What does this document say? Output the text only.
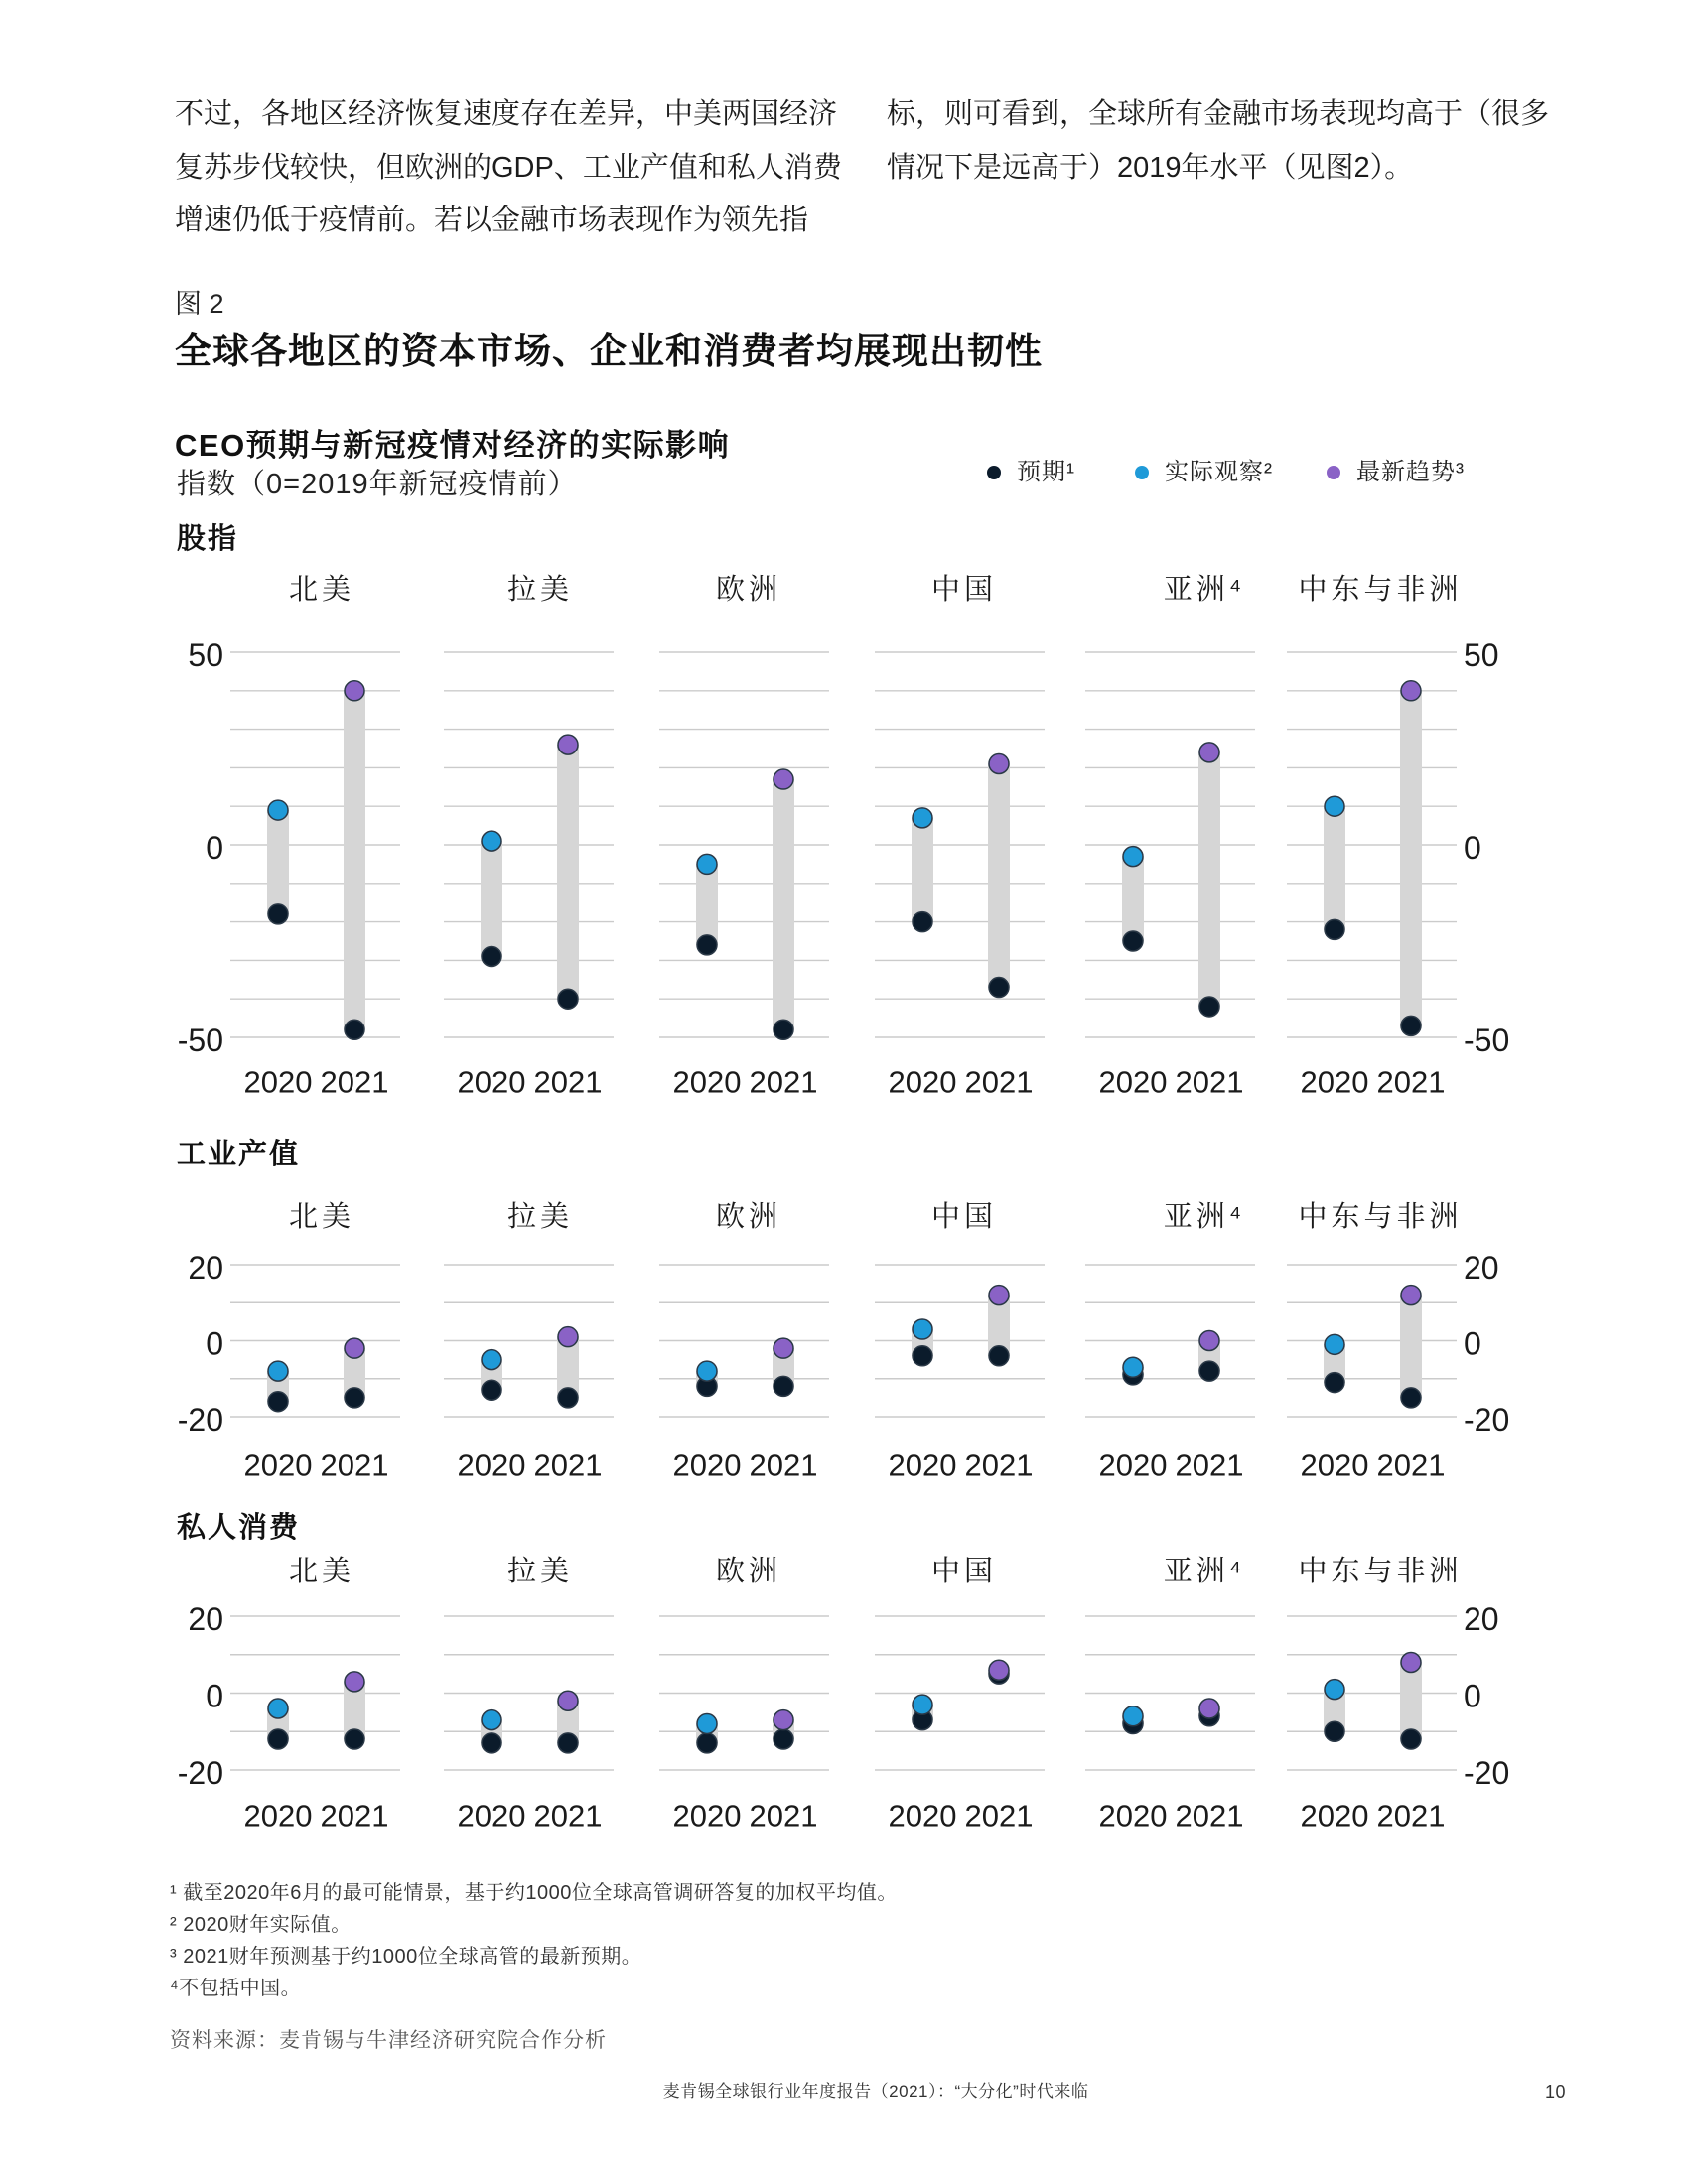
50	50
0	0
-50	-50
北美
2020 2021
拉美
2020 2021
欧洲
2020 2021
中国
2020 2021
亚洲⁴
2020 2021
中东与非洲
2020 2021
20	20
0	0
-20	-20
北美
2020 2021
拉美
2020 2021
欧洲
2020 2021
中国
2020 2021
亚洲⁴
2020 2021
中东与非洲
2020 2021
20	20
0	0
-20	-20
北美
2020 2021
拉美
2020 2021
欧洲
2020 2021
中国
2020 2021
亚洲⁴
2020 2021
中东与非洲
2020 2021
不过，各地区经济恢复速度存在差异，中美两国经济
复苏步伐较快，但欧洲的GDP、工业产值和私人消费
增速仍低于疫情前。若以金融市场表现作为领先指
标，则可看到，全球所有金融市场表现均高于（很多
情况下是远高于）2019年水平（见图2）。
图 2
全球各地区的资本市场、企业和消费者均展现出韧性
CEO预期与新冠疫情对经济的实际影响
指数（0=2019年新冠疫情前）	预期¹	实际观察²	最新趋势³
股指
工业产值
私人消费
¹ 截至2020年6月的最可能情景，基于约1000位全球高管调研答复的加权平均值。
² 2020财年实际值。
³ 2021财年预测基于约1000位全球高管的最新预期。
⁴不包括中国。
资料来源：麦肯锡与牛津经济研究院合作分析
麦肯锡全球银行业年度报告（2021）：“大分化”时代来临	10
